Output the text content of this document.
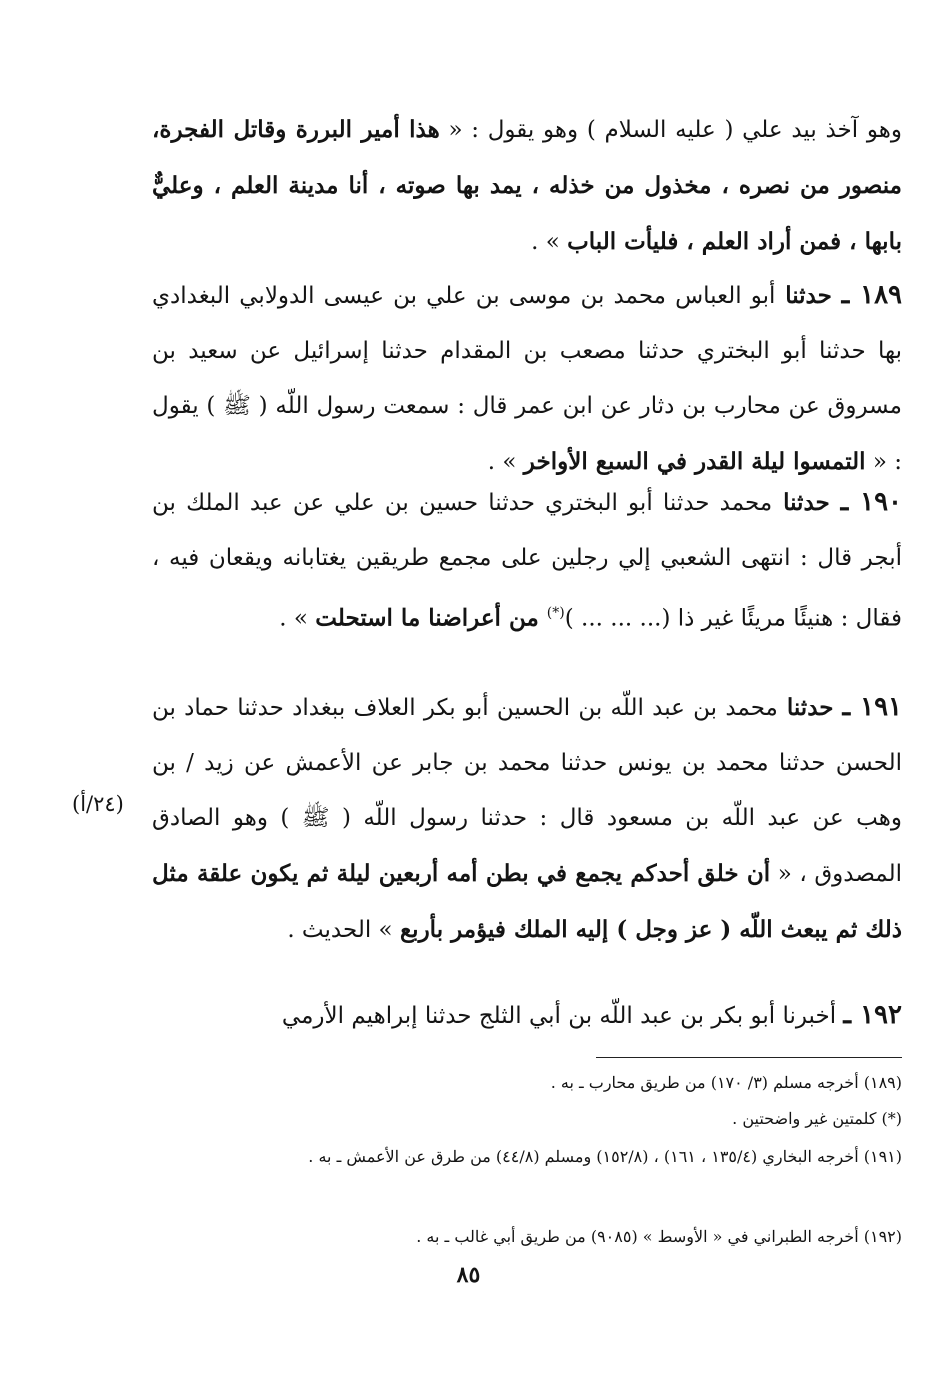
وهو آخذ بيد علي ( عليه السلام ) وهو يقول : « هذا أمير البررة وقاتل الفجرة، منصور من نصره ، مخذول من خذله ، يمد بها صوته ، أنا مدينة العلم ، وعليٌّ بابها ، فمن أراد العلم ، فليأت الباب » .

١٨٩ ـ حدثنا أبو العباس محمد بن موسى بن علي بن عيسى الدولابي البغدادي بها حدثنا أبو البختري حدثنا مصعب بن المقدام حدثنا إسرائيل عن سعيد بن مسروق عن محارب بن دثار عن ابن عمر قال : سمعت رسول اللّه ( ﷺ ) يقول : « التمسوا ليلة القدر في السبع الأواخر » .

١٩٠ ـ حدثنا محمد حدثنا أبو البختري حدثنا حسين بن علي عن عبد الملك بن أبجر قال : انتهى الشعبي إلي رجلين على مجمع طريقين يغتابانه ويقعان فيه ، فقال : هنيئًا مريئًا غير ذا (... ... ... )(*) من أعراضنا ما استحلت » .

١٩١ ـ حدثنا محمد بن عبد اللّه بن الحسين أبو بكر العلاف ببغداد حدثنا حماد بن الحسن حدثنا محمد بن يونس حدثنا محمد بن جابر عن الأعمش عن زيد / بن وهب عن عبد اللّه بن مسعود قال : حدثنا رسول اللّه ( ﷺ ) وهو الصادق المصدوق ، « أن خلق أحدكم يجمع في بطن أمه أربعين ليلة ثم يكون علقة مثل ذلك ثم يبعث اللّه ( عز وجل ) إليه الملك فيؤمر بأربع » الحديث .

(٢٤/أ)

١٩٢ ـ أخبرنا أبو بكر بن عبد اللّه بن أبي الثلج حدثنا إبراهيم الأرمي

(١٨٩) أخرجه مسلم (٣/ ١٧٠) من طريق محارب ـ به .

(*) كلمتين غير واضحتين .

(١٩١) أخرجه البخاري (١٣٥/٤ ، ١٦١) ، (١٥٢/٨) ومسلم (٤٤/٨) من طرق عن الأعمش ـ به .

(١٩٢) أخرجه الطبراني في « الأوسط » (٩٠٨٥) من طريق أبي غالب ـ به .

٨٥
